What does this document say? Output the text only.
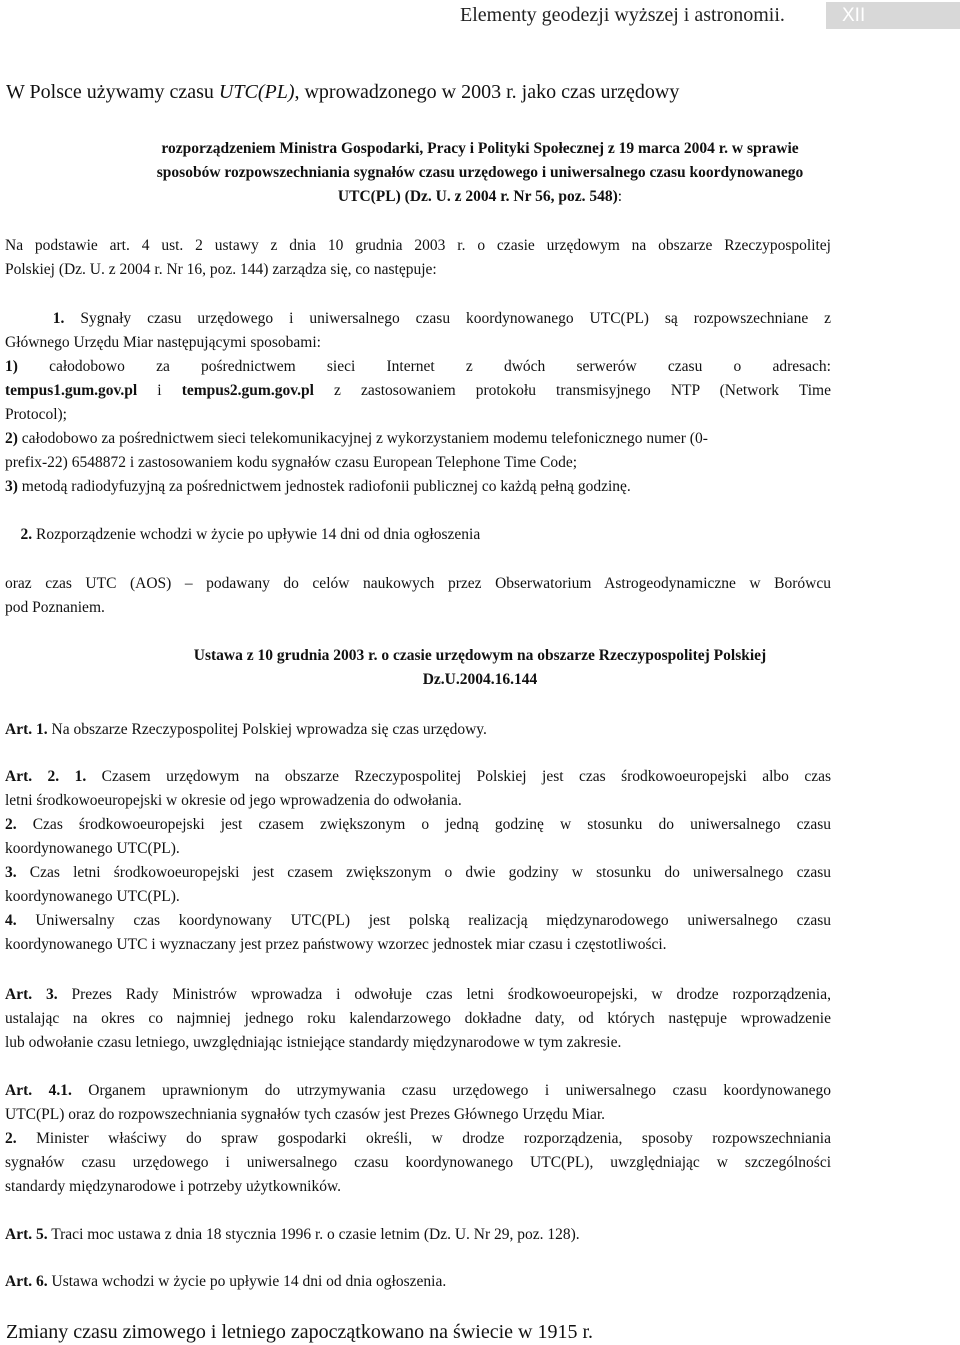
Elementy geodezji wyższej i astronomii.	XII
W Polsce używamy czasu UTC(PL), wprowadzonego w 2003 r. jako czas urzędowy
rozporządzeniem Ministra Gospodarki, Pracy i Polityki Społecznej z 19 marca 2004 r. w sprawie
sposobów rozpowszechniania sygnałów czasu urzędowego i uniwersalnego czasu koordynowanego
UTC(PL) (Dz. U. z 2004 r. Nr 56, poz. 548):
Na podstawie art. 4 ust. 2 ustawy z dnia 10 grudnia 2003 r. o czasie urzędowym na obszarze Rzeczypospolitej
Polskiej (Dz. U. z 2004 r. Nr 16, poz. 144) zarządza się, co następuje:
1. Sygnały czasu urzędowego i uniwersalnego czasu koordynowanego UTC(PL) są rozpowszechniane z
Głównego Urzędu Miar następującymi sposobami:
1) całodobowo za pośrednictwem sieci Internet z dwóch serwerów czasu o adresach:
tempus1.gum.gov.pl i tempus2.gum.gov.pl z zastosowaniem protokołu transmisyjnego NTP (Network Time
Protocol);
2) całodobowo za pośrednictwem sieci telekomunikacyjnej z wykorzystaniem modemu telefonicznego numer (0-
prefix-22) 6548872 i zastosowaniem kodu sygnałów czasu European Telephone Time Code;
3) metodą radiodyfuzyjną za pośrednictwem jednostek radiofonii publicznej co każdą pełną godzinę.
2. Rozporządzenie wchodzi w życie po upływie 14 dni od dnia ogłoszenia
oraz czas UTC (AOS) – podawany do celów naukowych przez Obserwatorium Astrogeodynamiczne w Borówcu
pod Poznaniem.
Ustawa z 10 grudnia 2003 r. o czasie urzędowym na obszarze Rzeczypospolitej Polskiej
Dz.U.2004.16.144
Art. 1. Na obszarze Rzeczypospolitej Polskiej wprowadza się czas urzędowy.
Art. 2. 1. Czasem urzędowym na obszarze Rzeczypospolitej Polskiej jest czas środkowoeuropejski albo czas
letni środkowoeuropejski w okresie od jego wprowadzenia do odwołania.
2. Czas środkowoeuropejski jest czasem zwiększonym o jedną godzinę w stosunku do uniwersalnego czasu
koordynowanego UTC(PL).
3. Czas letni środkowoeuropejski jest czasem zwiększonym o dwie godziny w stosunku do uniwersalnego czasu
koordynowanego UTC(PL).
4. Uniwersalny czas koordynowany UTC(PL) jest polską realizacją międzynarodowego uniwersalnego czasu
koordynowanego UTC i wyznaczany jest przez państwowy wzorzec jednostek miar czasu i częstotliwości.
Art. 3. Prezes Rady Ministrów wprowadza i odwołuje czas letni środkowoeuropejski, w drodze rozporządzenia,
ustalając na okres co najmniej jednego roku kalendarzowego dokładne daty, od których następuje wprowadzenie
lub odwołanie czasu letniego, uwzględniając istniejące standardy międzynarodowe w tym zakresie.
Art. 4.1. Organem uprawnionym do utrzymywania czasu urzędowego i uniwersalnego czasu koordynowanego
UTC(PL) oraz do rozpowszechniania sygnałów tych czasów jest Prezes Głównego Urzędu Miar.
2. Minister właściwy do spraw gospodarki określi, w drodze rozporządzenia, sposoby rozpowszechniania
sygnałów czasu urzędowego i uniwersalnego czasu koordynowanego UTC(PL), uwzględniając w szczególności
standardy międzynarodowe i potrzeby użytkowników.
Art. 5. Traci moc ustawa z dnia 18 stycznia 1996 r. o czasie letnim (Dz. U. Nr 29, poz. 128).
Art. 6. Ustawa wchodzi w życie po upływie 14 dni od dnia ogłoszenia.
Zmiany czasu zimowego i letniego zapoczątkowano na świecie w 1915 r.
